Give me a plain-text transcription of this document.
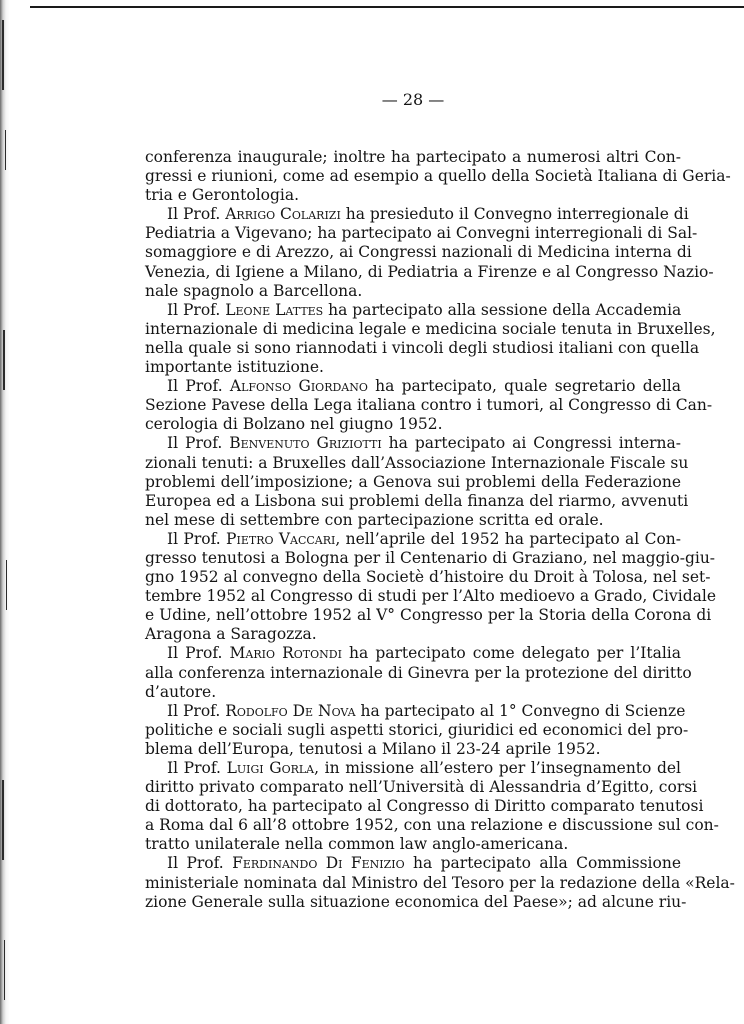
— 28 —
conferenza inaugurale; inoltre ha partecipato a numerosi altri Con-
gressi e riunioni, come ad esempio a quello della Società Italiana di Geria-
tria e Gerontologia.
Il Prof. Arrigo Colarizi ha presieduto il Convegno interregionale di
Pediatria a Vigevano; ha partecipato ai Convegni interregionali di Sal-
somaggiore e di Arezzo, ai Congressi nazionali di Medicina interna di
Venezia, di Igiene a Milano, di Pediatria a Firenze e al Congresso Nazio-
nale spagnolo a Barcellona.
Il Prof. Leone Lattes ha partecipato alla sessione della Accademia
internazionale di medicina legale e medicina sociale tenuta in Bruxelles,
nella quale si sono riannodati i vincoli degli studiosi italiani con quella
importante istituzione.
Il Prof. Alfonso Giordano ha partecipato, quale segretario della
Sezione Pavese della Lega italiana contro i tumori, al Congresso di Can-
cerologia di Bolzano nel giugno 1952.
Il Prof. Benvenuto Griziotti ha partecipato ai Congressi interna-
zionali tenuti: a Bruxelles dall’Associazione Internazionale Fiscale su
problemi dell’imposizione; a Genova sui problemi della Federazione
Europea ed a Lisbona sui problemi della finanza del riarmo, avvenuti
nel mese di settembre con partecipazione scritta ed orale.
Il Prof. Pietro Vaccari, nell’aprile del 1952 ha partecipato al Con-
gresso tenutosi a Bologna per il Centenario di Graziano, nel maggio-giu-
gno 1952 al convegno della Societè d’histoire du Droit à Tolosa, nel set-
tembre 1952 al Congresso di studi per l’Alto medioevo a Grado, Cividale
e Udine, nell’ottobre 1952 al V° Congresso per la Storia della Corona di
Aragona a Saragozza.
Il Prof. Mario Rotondi ha partecipato come delegato per l’Italia
alla conferenza internazionale di Ginevra per la protezione del diritto
d’autore.
Il Prof. Rodolfo De Nova ha partecipato al 1° Convegno di Scienze
politiche e sociali sugli aspetti storici, giuridici ed economici del pro-
blema dell’Europa, tenutosi a Milano il 23-24 aprile 1952.
Il Prof. Luigi Gorla, in missione all’estero per l’insegnamento del
diritto privato comparato nell’Università di Alessandria d’Egitto, corsi
di dottorato, ha partecipato al Congresso di Diritto comparato tenutosi
a Roma dal 6 all’8 ottobre 1952, con una relazione e discussione sul con-
tratto unilaterale nella common law anglo-americana.
Il Prof. Ferdinando Di Fenizio ha partecipato alla Commissione
ministeriale nominata dal Ministro del Tesoro per la redazione della «Rela-
zione Generale sulla situazione economica del Paese»; ad alcune riu-
